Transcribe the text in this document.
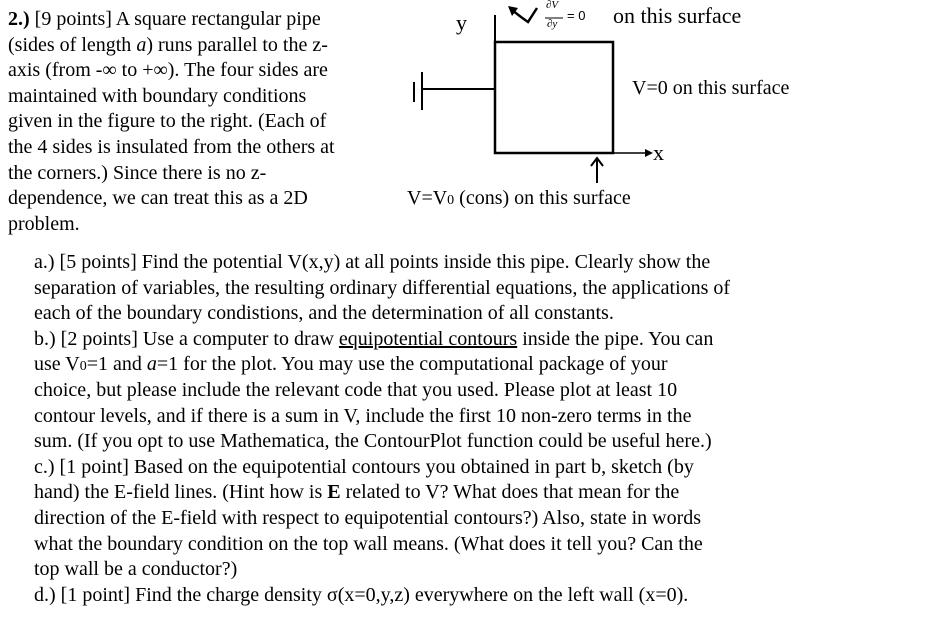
2.) [9 points] A square rectangular pipe
(sides of length a) runs parallel to the z-
axis (from -∞ to +∞). The four sides are
maintained with boundary conditions
given in the figure to the right. (Each of
the 4 sides is insulated from the others at
the corners.) Since there is no z-
dependence, we can treat this as a 2D
problem.
y
∂V
∂y
= 0 on this surface
V=0 on this surface
x
V=V0 (cons) on this surface
a.) [5 points] Find the potential V(x,y) at all points inside this pipe. Clearly show the
separation of variables, the resulting ordinary differential equations, the applications of
each of the boundary condistions, and the determination of all constants.
b.) [2 points] Use a computer to draw equipotential contours inside the pipe. You can
use V0=1 and a=1 for the plot. You may use the computational package of your
choice, but please include the relevant code that you used. Please plot at least 10
contour levels, and if there is a sum in V, include the first 10 non-zero terms in the
sum. (If you opt to use Mathematica, the ContourPlot function could be useful here.)
c.) [1 point] Based on the equipotential contours you obtained in part b, sketch (by
hand) the E-field lines. (Hint how is E related to V? What does that mean for the
direction of the E-field with respect to equipotential contours?) Also, state in words
what the boundary condition on the top wall means. (What does it tell you? Can the
top wall be a conductor?)
d.) [1 point] Find the charge density σ(x=0,y,z) everywhere on the left wall (x=0).
